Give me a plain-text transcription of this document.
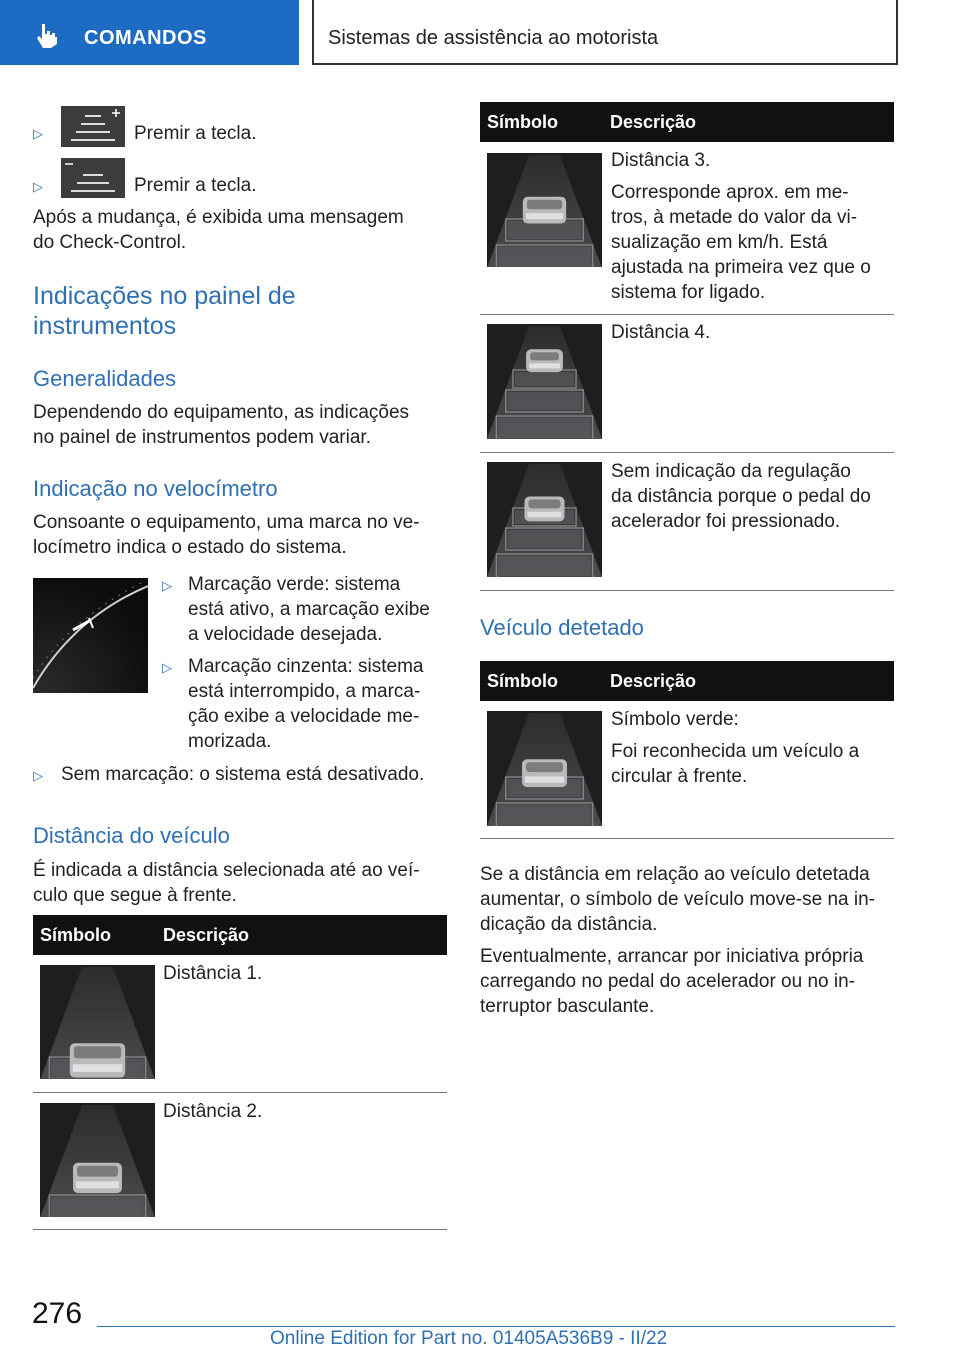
COMANDOS	Sistemas de assistência ao motorista
▷	Premir a tecla.
▷	Premir a tecla.
Após a mudança, é exibida uma mensagem
do Check-Control.
Indicações no painel de
instrumentos
Generalidades
Dependendo do equipamento, as indicações
no painel de instrumentos podem variar.
Indicação no velocímetro
Consoante o equipamento, uma marca no ve-
locímetro indica o estado do sistema.
▷ Marcação verde: sistema
está ativo, a marcação exibe
a velocidade desejada.
▷ Marcação cinzenta: sistema
está interrompido, a marca-
ção exibe a velocidade me-
morizada.
▷ Sem marcação: o sistema está desativado.
Distância do veículo
É indicada a distância selecionada até ao veí-
culo que segue à frente.
Símbolo	Descrição
Distância 1.
Distância 2.
Símbolo	Descrição
Distância 3.
Corresponde aprox. em me-
tros, à metade do valor da vi-
sualização em km/h. Está
ajustada na primeira vez que o
sistema for ligado.
Distância 4.
Sem indicação da regulação
da distância porque o pedal do
acelerador foi pressionado.
Veículo detetado
Símbolo	Descrição
Símbolo verde:
Foi reconhecida um veículo a
circular à frente.
Se a distância em relação ao veículo detetada
aumentar, o símbolo de veículo move-se na in-
dicação da distância.
Eventualmente, arrancar por iniciativa própria
carregando no pedal do acelerador ou no in-
terruptor basculante.
276
Online Edition for Part no. 01405A536B9 - II/22
